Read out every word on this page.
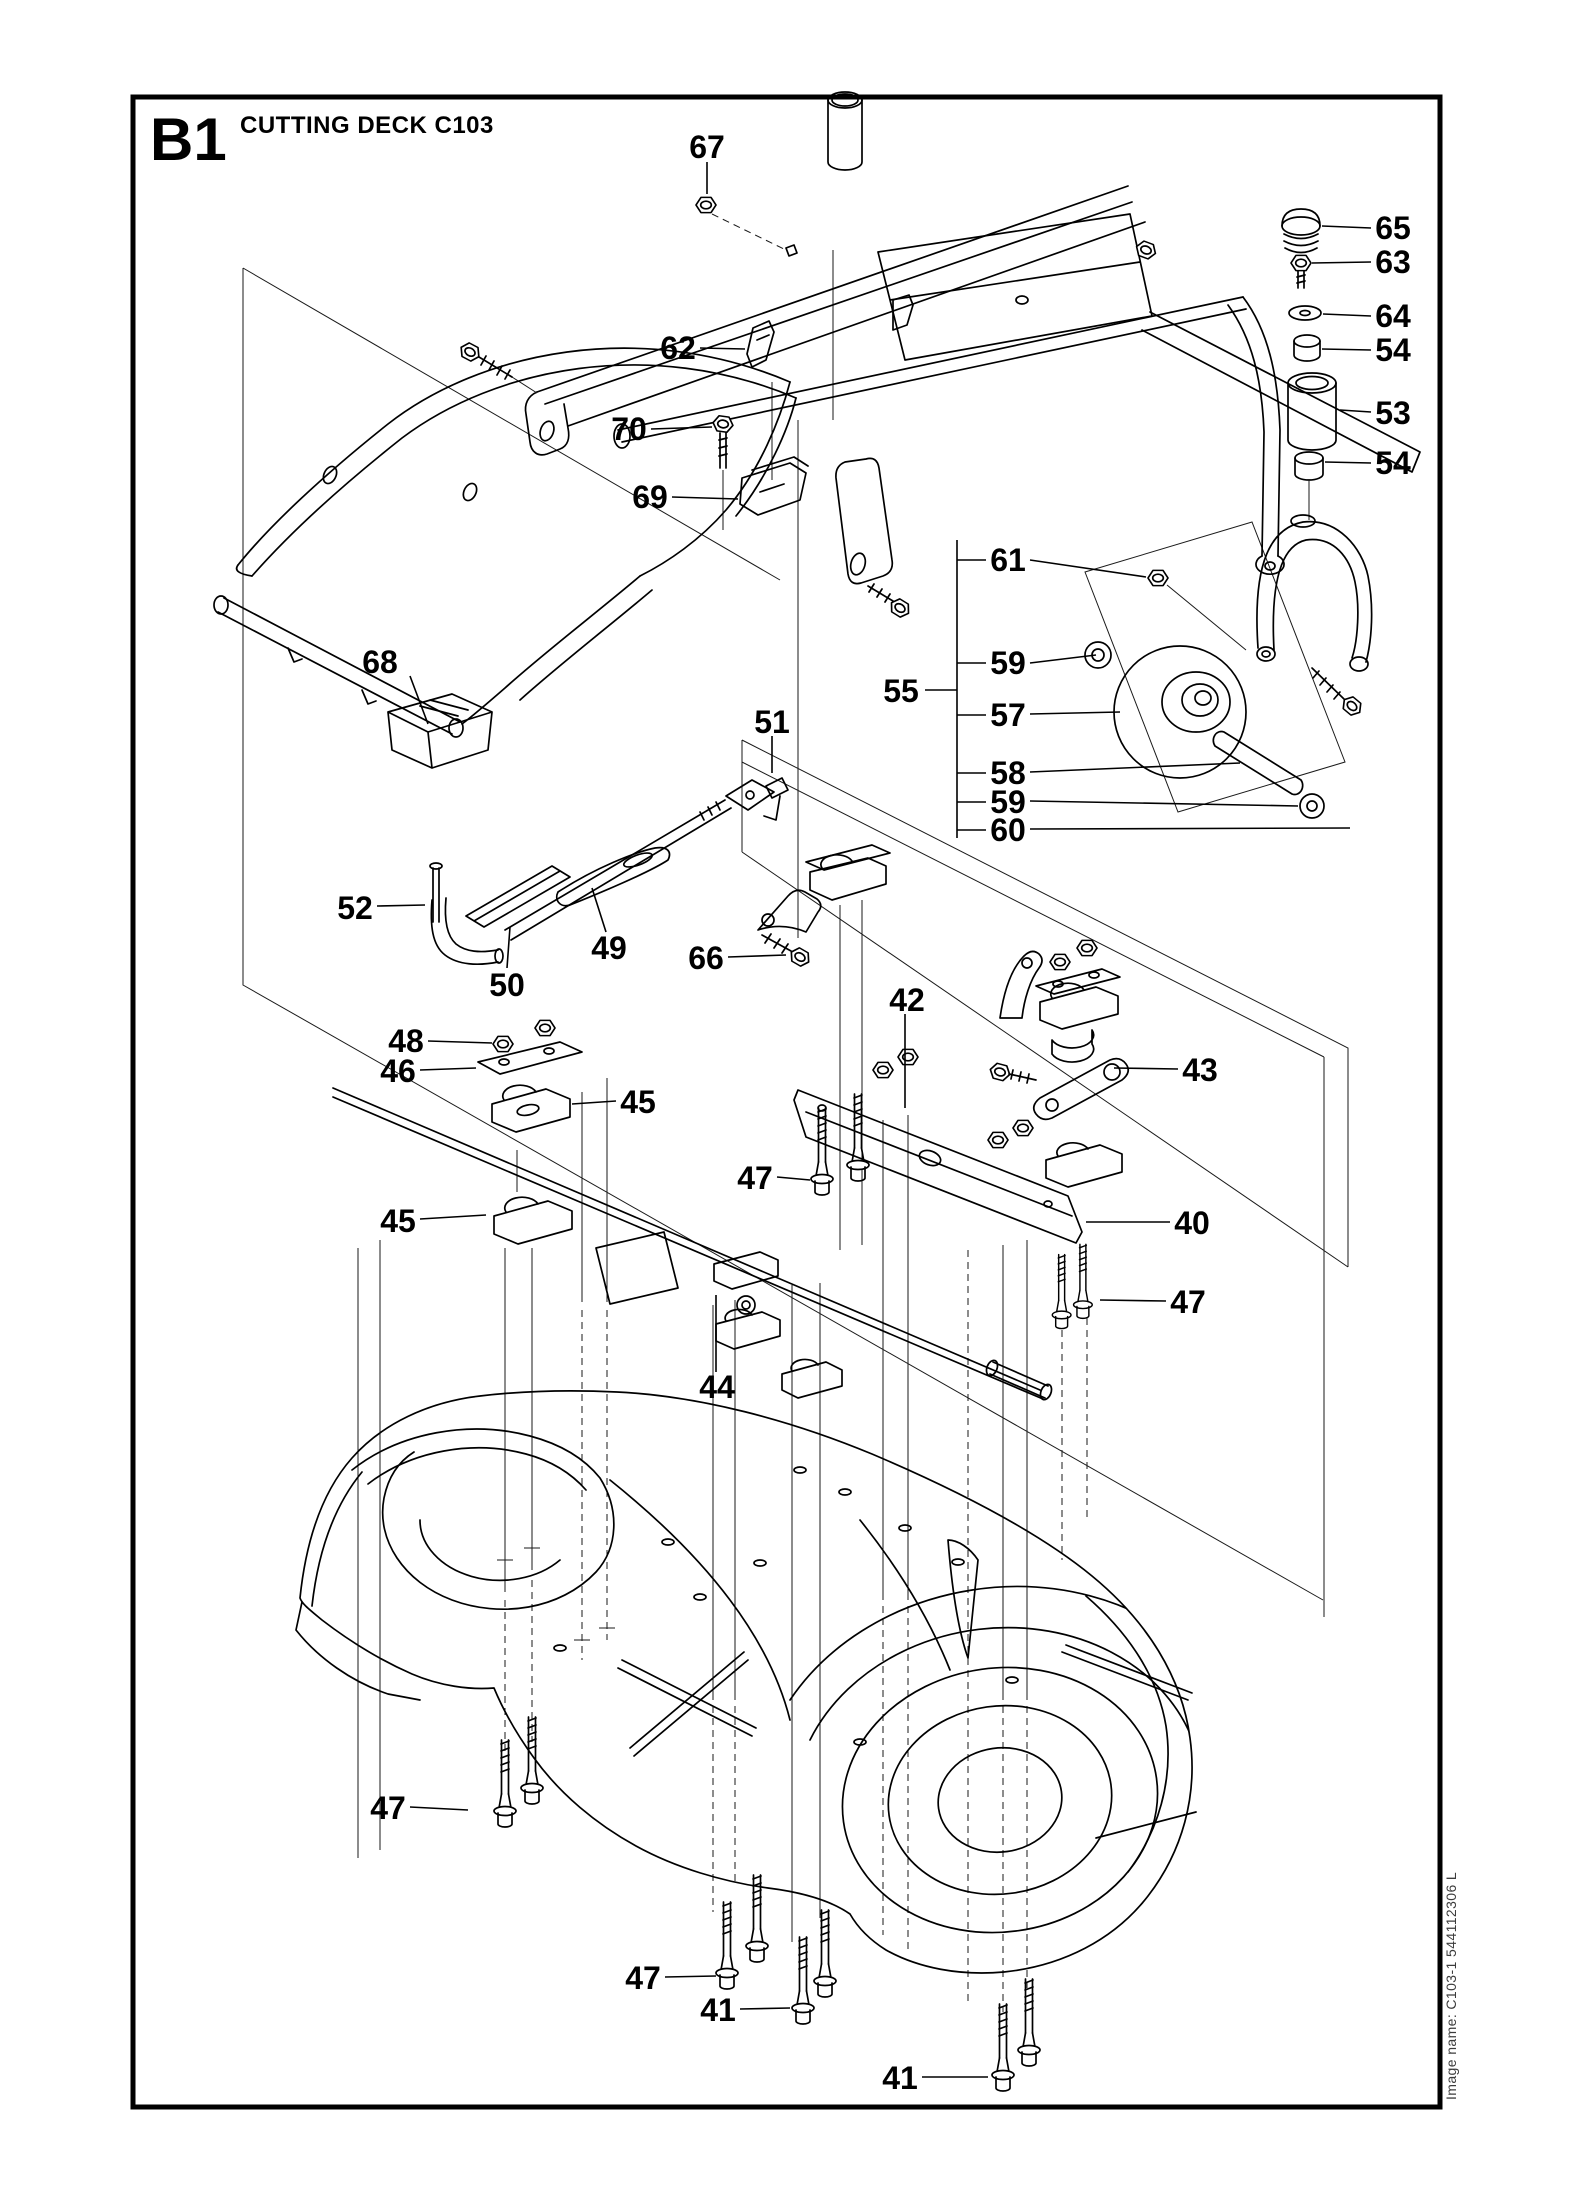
B1 CUTTING DECK C103
Image name: C103-1 544112306 L
67
65
63
64
54
53
54
62
70
69
55
61
59
57
58
59
60
68
51
52
49
50
66
48
46
45
45
42
43
40
47
47
44
47
47
41
41
